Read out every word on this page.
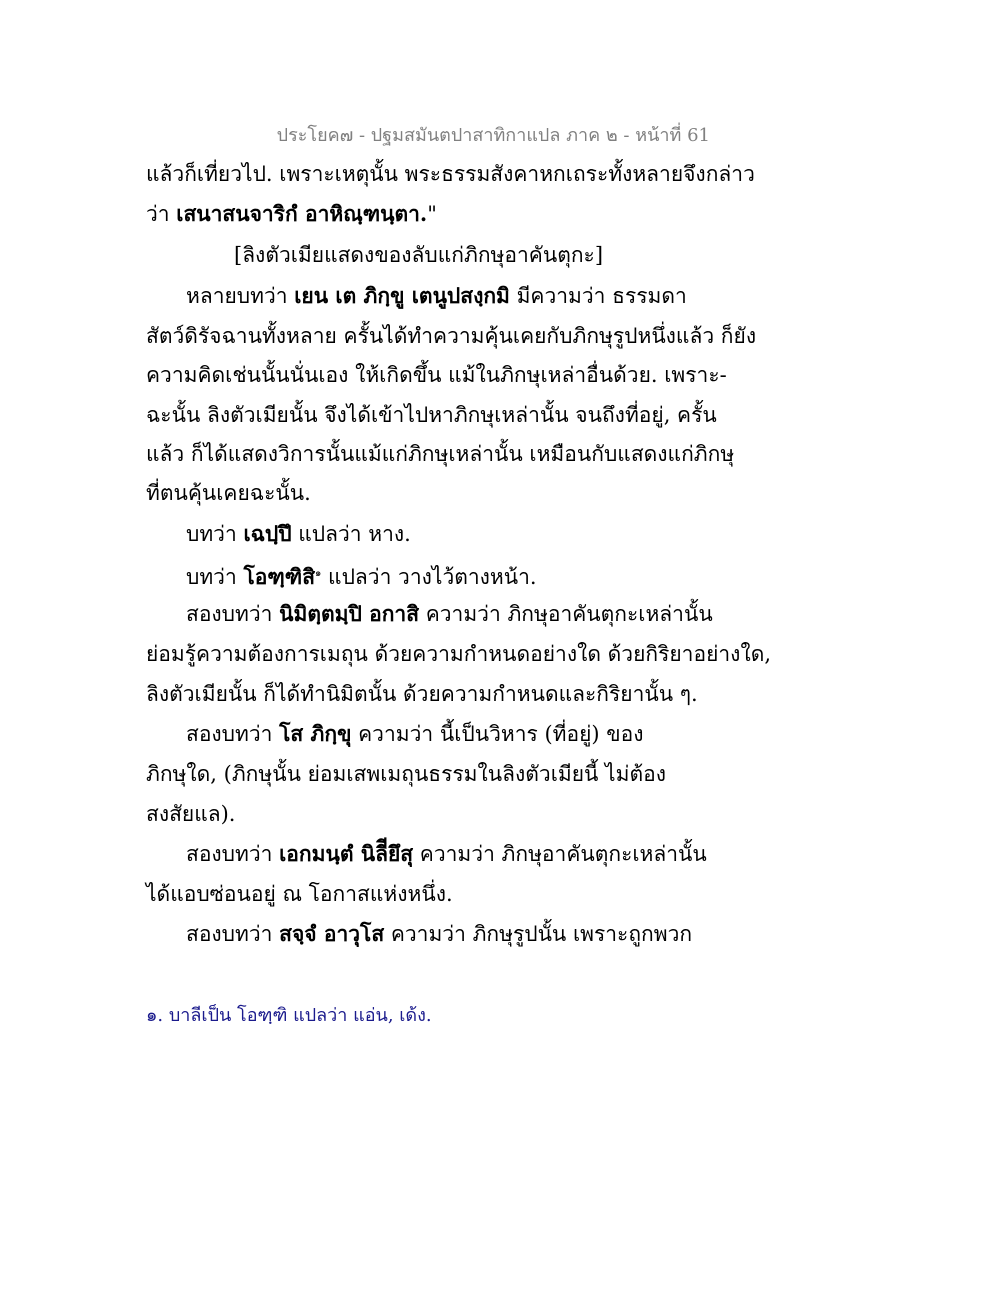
ประโยค๗ - ปฐมสมันตปาสาทิกาแปล ภาค ๒ - หน้าที่ 61
แล้วก็เที่ยวไป. เพราะเหตุนั้น พระธรรมสังคาหกเถระทั้งหลายจึงกล่าว
ว่า เสนาสนจาริกํ อาหิณฺฑนฺตา."
[ลิงตัวเมียแสดงของลับแก่ภิกษุอาคันตุกะ]
หลายบทว่า เยน เต ภิกฺขู เตนูปสงฺกมิ มีความว่า ธรรมดา
สัตว์ดิรัจฉานทั้งหลาย ครั้นได้ทำความคุ้นเคยกับภิกษุรูปหนึ่งแล้ว ก็ยัง
ความคิดเช่นนั้นนั่นเอง ให้เกิดขึ้น แม้ในภิกษุเหล่าอื่นด้วย. เพราะ-
ฉะนั้น ลิงตัวเมียนั้น จึงได้เข้าไปหาภิกษุเหล่านั้น จนถึงที่อยู่, ครั้น
แล้ว ก็ได้แสดงวิการนั้นแม้แก่ภิกษุเหล่านั้น เหมือนกับแสดงแก่ภิกษุ
ที่ตนคุ้นเคยฉะนั้น.
บทว่า เฉปฺปึ แปลว่า หาง.
บทว่า โอฑฺฑิสิ$^๑$ แปลว่า วางไว้ตางหน้า.
สองบทว่า นิมิตฺตมฺปิ อกาสิ ความว่า ภิกษุอาคันตุกะเหล่านั้น
ย่อมรู้ความต้องการเมถุน ด้วยความกำหนดอย่างใด ด้วยกิริยาอย่างใด,
ลิงตัวเมียนั้น ก็ได้ทำนิมิตนั้น ด้วยความกำหนดและกิริยานั้น ๆ.
สองบทว่า โส ภิกฺขุ ความว่า นี้เป็นวิหาร (ที่อยู่) ของ
ภิกษุใด, (ภิกษุนั้น ย่อมเสพเมถุนธรรมในลิงตัวเมียนี้ ไม่ต้อง
สงสัยแล).
สองบทว่า เอกมนฺตํ นิลีียึสุ ความว่า ภิกษุอาคันตุกะเหล่านั้น
ได้แอบซ่อนอยู่ ณ โอกาสแห่งหนึ่ง.
สองบทว่า สจฺจํ อาวุโส ความว่า ภิกษุรูปนั้น เพราะถูกพวก
๑. บาลีเป็น โอฑฺฑิ แปลว่า แอ่น, เด้ง.
